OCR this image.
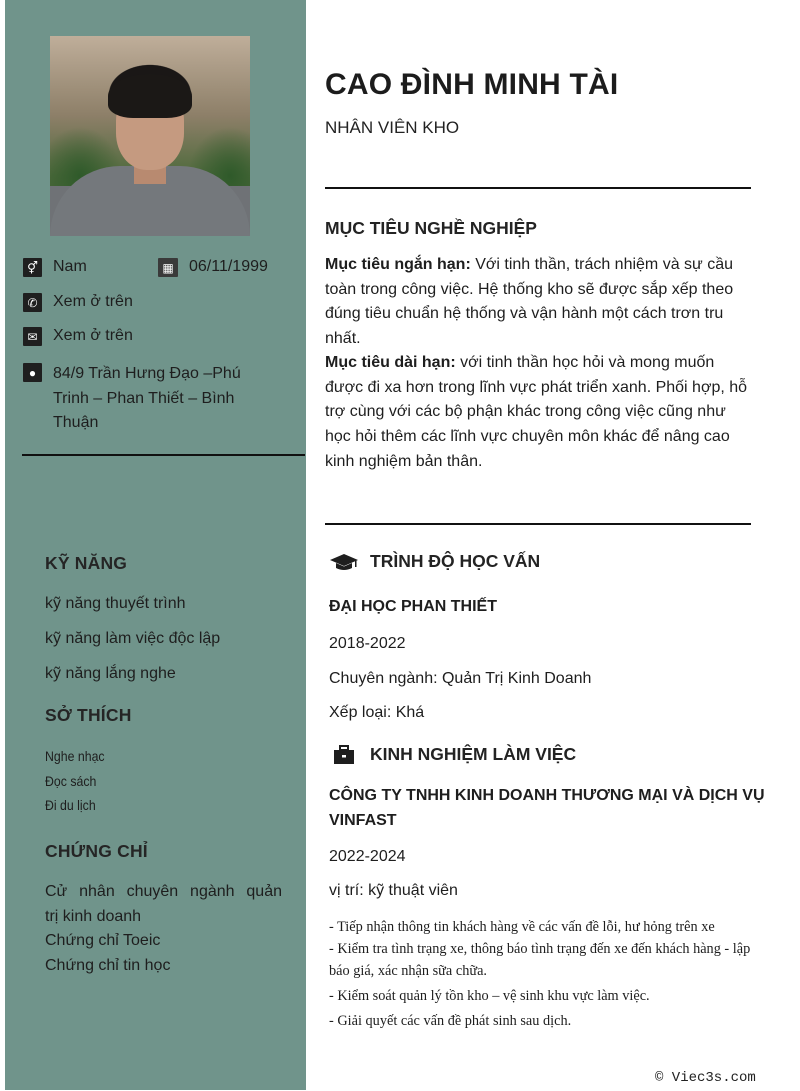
⚥ Nam	▦ 06/11/1999
✆ Xem ở trên
✉ Xem ở trên
●	84/9 Trần Hưng Đạo –Phú
Trinh – Phan Thiết – Bình
Thuận
KỸ NĂNG
kỹ năng thuyết trình
kỹ năng làm việc độc lập
kỹ năng lắng nghe
SỞ THÍCH
Nghe nhạc
Đọc sách
Đi du lịch
CHỨNG CHỈ
Cử nhân chuyên ngành quản
trị kinh doanh
Chứng chỉ Toeic
Chứng chỉ tin học
CAO ĐÌNH MINH TÀI
NHÂN VIÊN KHO
MỤC TIÊU NGHỀ NGHIỆP
Mục tiêu ngắn hạn: Với tinh thần, trách nhiệm và sự cầu toàn trong công việc. Hệ thống kho sẽ được sắp xếp theo đúng tiêu chuẩn hệ thống và vận hành một cách trơn tru nhất.
Mục tiêu dài hạn: với tinh thần học hỏi và mong muốn được đi xa hơn trong lĩnh vực phát triển xanh. Phối hợp, hỗ trợ cùng với các bộ phận khác trong công việc cũng như học hỏi thêm các lĩnh vực chuyên môn khác để nâng cao kinh nghiệm bản thân.
TRÌNH ĐỘ HỌC VẤN
ĐẠI HỌC PHAN THIẾT
2018-2022
Chuyên ngành: Quản Trị Kinh Doanh
Xếp loại: Khá
KINH NGHIỆM LÀM VIỆC
CÔNG TY TNHH KINH DOANH THƯƠNG MẠI VÀ DỊCH VỤ VINFAST
2022-2024
vị trí: kỹ thuật viên
- Tiếp nhận thông tin khách hàng về các vấn đề lỗi, hư hỏng trên xe
- Kiểm tra tình trạng xe, thông báo tình trạng đến xe đến khách hàng - lập báo giá, xác nhận sữa chữa.
- Kiểm soát quản lý tồn kho – vệ sinh khu vực làm việc.
- Giải quyết các vấn đề phát sinh sau dịch.
© Viec3s.com
